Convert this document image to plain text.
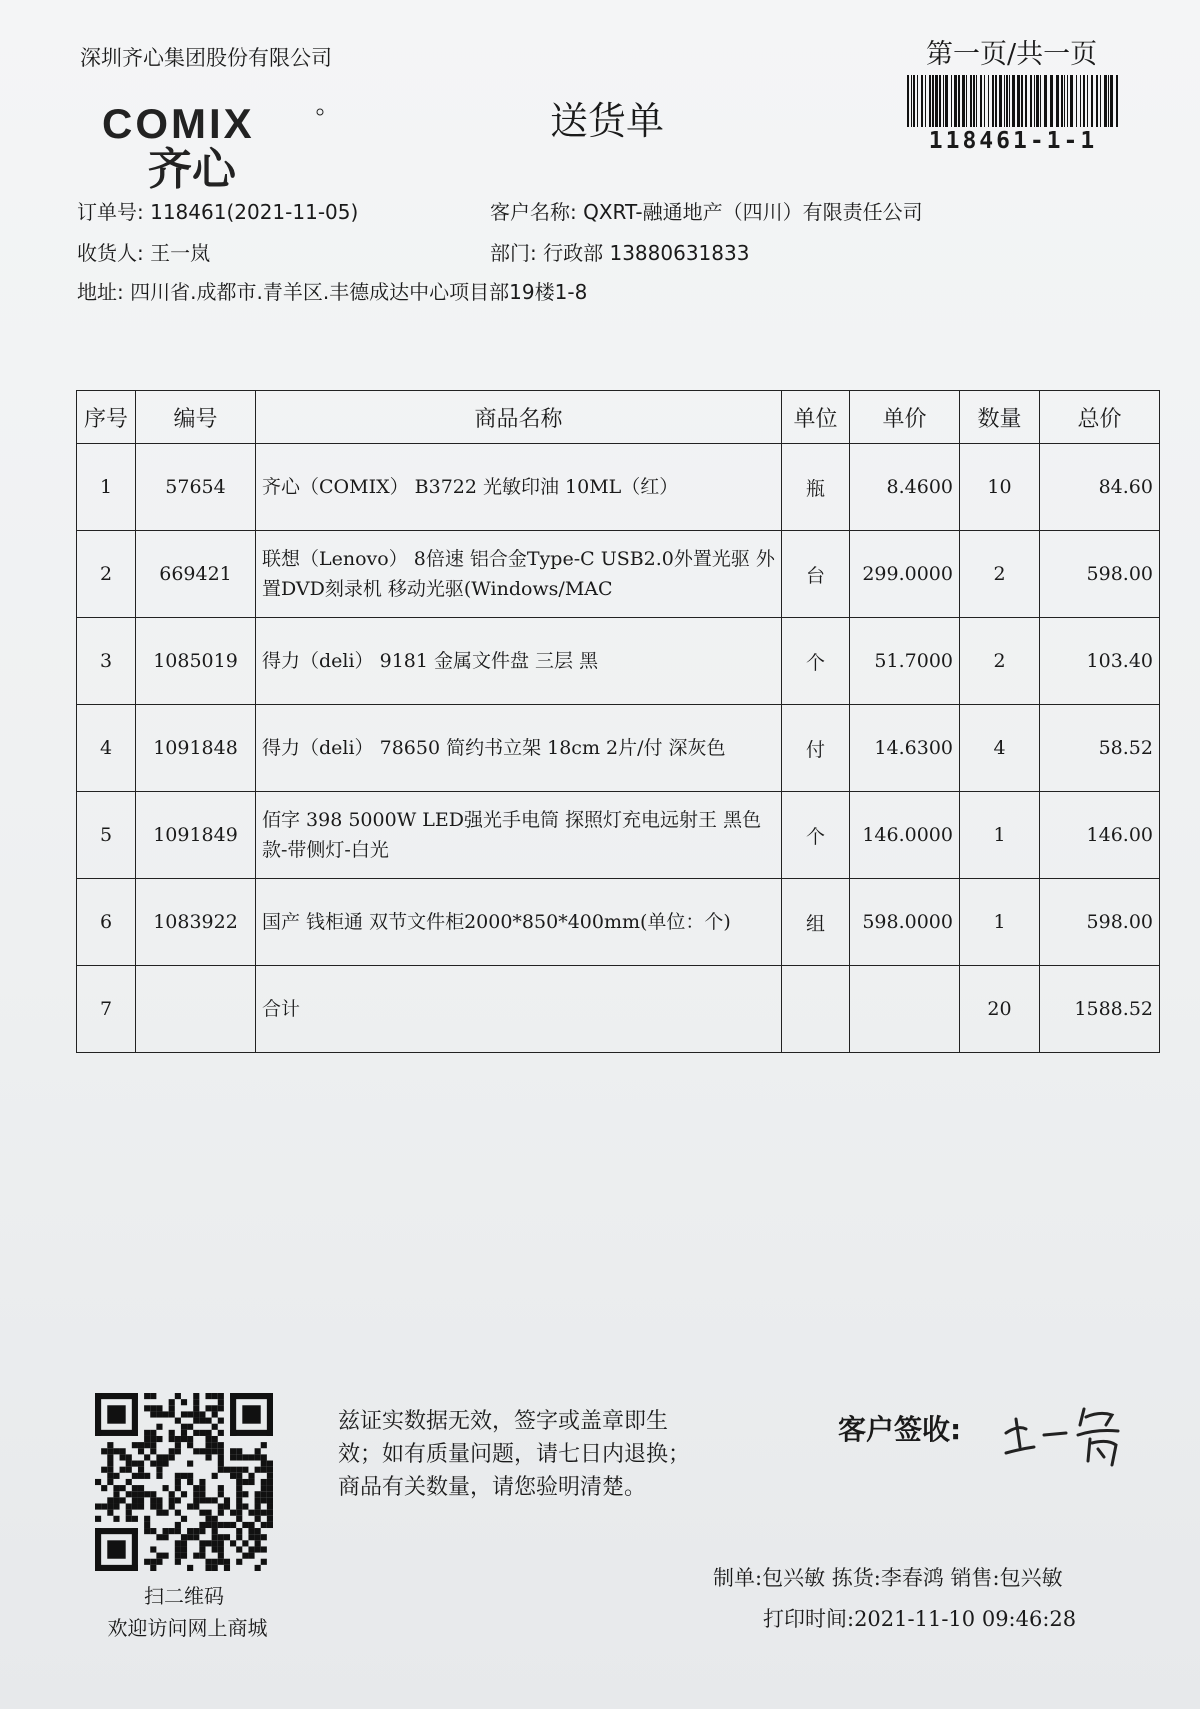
深圳齐心集团股份有限公司	第一页/共一页
118461-1-1
COMIX
齐心
送货单
订单号: 118461(2021-11-05)	客户名称: QXRT-融通地产（四川）有限责任公司
收货人: 王一岚	部门: 行政部 13880631833
地址: 四川省.成都市.青羊区.丰德成达中心项目部19楼1-8
序号	编号	商品名称	单位	单价	数量	总价
1	57654	齐心（COMIX） B3722 光敏印油 10ML（红）	瓶	8.4600	10	84.60
2	669421	联想（Lenovo） 8倍速 铝合金Type-C USB2.0外置光驱 外置DVD刻录机 移动光驱(Windows/MAC	台	299.0000	2	598.00
3	1085019	得力（deli） 9181 金属文件盘 三层 黑	个	51.7000	2	103.40
4	1091848	得力（deli） 78650 简约书立架 18cm 2片/付 深灰色	付	14.6300	4	58.52
5	1091849	佰字 398 5000W LED强光手电筒 探照灯充电远射王 黑色款-带侧灯-白光	个	146.0000	1	146.00
6	1083922	国产 钱柜通 双节文件柜2000*850*400mm(单位：个)	组	598.0000	1	598.00
7		合计			20	1588.52
扫二维码
欢迎访问网上商城
兹证实数据无效，签字或盖章即生
效；如有质量问题，请七日内退换；
商品有关数量，请您验明清楚。
客户签收:
制单:包兴敏 拣货:李春鸿 销售:包兴敏
打印时间:2021-11-10 09:46:28
